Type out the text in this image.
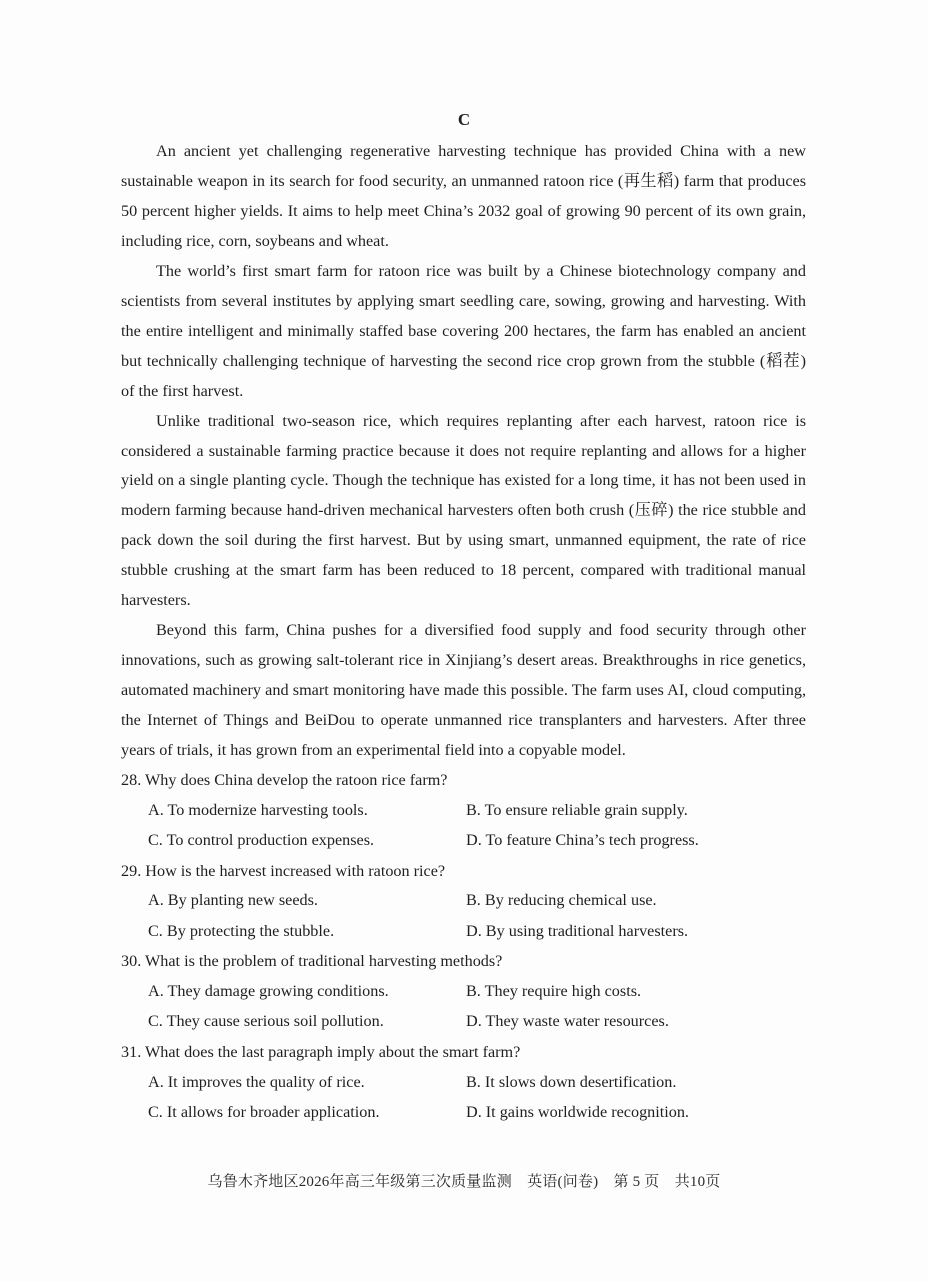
C

An ancient yet challenging regenerative harvesting technique has provided China with a new sustainable weapon in its search for food security, an unmanned ratoon rice (再生稻) farm that produces 50 percent higher yields. It aims to help meet China’s 2032 goal of growing 90 percent of its own grain, including rice, corn, soybeans and wheat.

The world’s first smart farm for ratoon rice was built by a Chinese biotechnology company and scientists from several institutes by applying smart seedling care, sowing, growing and harvesting. With the entire intelligent and minimally staffed base covering 200 hectares, the farm has enabled an ancient but technically challenging technique of harvesting the second rice crop grown from the stubble (稻茬) of the first harvest.

Unlike traditional two-season rice, which requires replanting after each harvest, ratoon rice is considered a sustainable farming practice because it does not require replanting and allows for a higher yield on a single planting cycle. Though the technique has existed for a long time, it has not been used in modern farming because hand-driven mechanical harvesters often both crush (压碎) the rice stubble and pack down the soil during the first harvest. But by using smart, unmanned equipment, the rate of rice stubble crushing at the smart farm has been reduced to 18 percent, compared with traditional manual harvesters.

Beyond this farm, China pushes for a diversified food supply and food security through other innovations, such as growing salt-tolerant rice in Xinjiang’s desert areas. Breakthroughs in rice genetics, automated machinery and smart monitoring have made this possible. The farm uses AI, cloud computing, the Internet of Things and BeiDou to operate unmanned rice transplanters and harvesters. After three years of trials, it has grown from an experimental field into a copyable model.

28. Why does China develop the ratoon rice farm?
A. To modernize harvesting tools.	B. To ensure reliable grain supply.
C. To control production expenses.	D. To feature China’s tech progress.
29. How is the harvest increased with ratoon rice?
A. By planting new seeds.	B. By reducing chemical use.
C. By protecting the stubble.	D. By using traditional harvesters.
30. What is the problem of traditional harvesting methods?
A. They damage growing conditions.	B. They require high costs.
C. They cause serious soil pollution.	D. They waste water resources.
31. What does the last paragraph imply about the smart farm?
A. It improves the quality of rice.	B. It slows down desertification.
C. It allows for broader application.	D. It gains worldwide recognition.
乌鲁木齐地区2026年高三年级第三次质量监测　英语(问卷)　第 5 页　共10页
